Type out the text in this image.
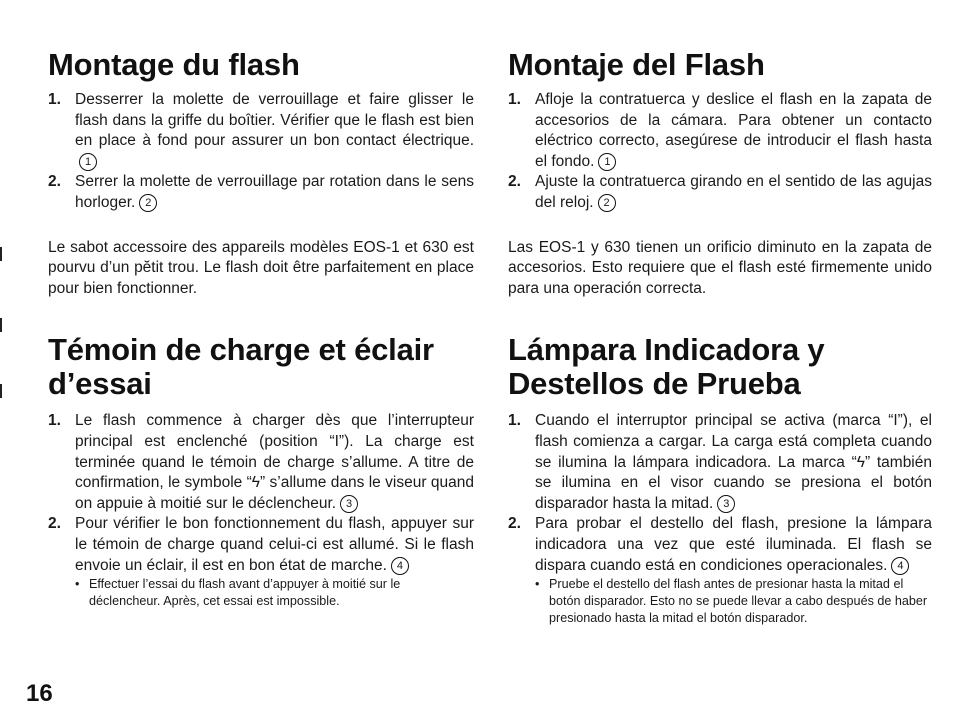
Montage du flash
1. Desserrer la molette de verrouillage et faire glisser le flash dans la griffe du boîtier. Vérifier que le flash est bien en place à fond pour assurer un bon contact électrique.1
2. Serrer la molette de verrouillage par rotation dans le sens horloger. 2

Le sabot accessoire des appareils modèles EOS-1 et 630 est pourvu d’un pĕtit trou. Le flash doit être parfaitement en place pour bien fonctionner.

Témoin de charge et éclair d’essai
1. Le flash commence à charger dès que l’interrupteur principal est enclenché (position “I”). La charge est terminée quand le témoin de charge s’allume. A titre de confirmation, le symbole “ϟ” s’allume dans le viseur quand on appuie à moitié sur le déclencheur. 3
2. Pour vérifier le bon fonctionnement du flash, appuyer sur le témoin de charge quand celui-ci est allumé. Si le flash envoie un éclair, il est en bon état de marche. 4
• Effectuer l’essai du flash avant d’appuyer à moitié sur le déclencheur. Après, cet essai est impossible.
Montaje del Flash
1. Afloje la contratuerca y deslice el flash en la zapata de accesorios de la cámara. Para obtener un contacto eléctrico correcto, asegúrese de introducir el flash hasta el fondo. 1
2. Ajuste la contratuerca girando en el sentido de las agujas del reloj. 2

Las EOS-1 y 630 tienen un orificio diminuto en la zapata de accesorios. Esto requiere que el flash esté firmemente unido para una operación correcta.

Lámpara Indicadora y Destellos de Prueba
1. Cuando el interruptor principal se activa (marca “I”), el flash comienza a cargar. La carga está completa cuando se ilumina la lámpara indicadora. La marca “ϟ” también se ilumina en el visor cuando se presiona el botón disparador hasta la mitad. 3
2. Para probar el destello del flash, presione la lámpara indicadora una vez que esté iluminada. El flash se dispara cuando está en condiciones operacionales. 4
• Pruebe el destello del flash antes de presionar hasta la mitad el botón disparador. Esto no se puede llevar a cabo después de haber presionado hasta la mitad el botón disparador.
16
